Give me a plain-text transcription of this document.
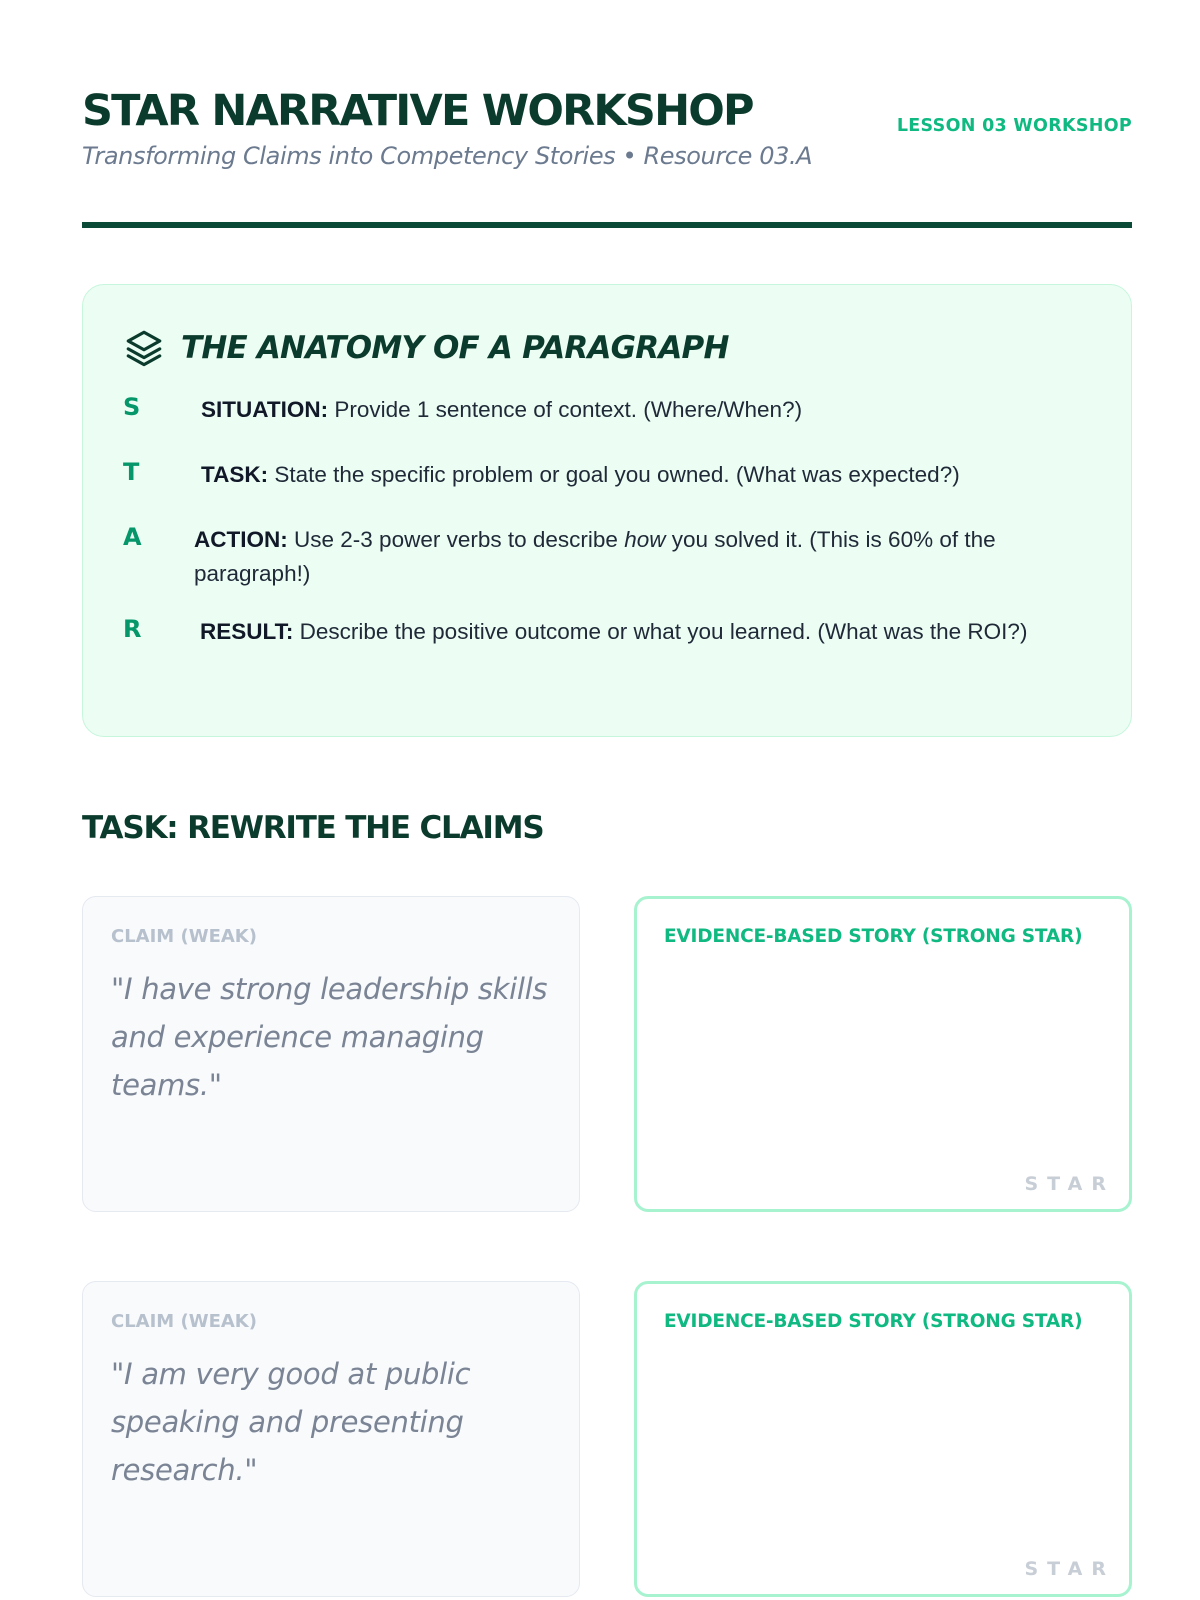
STAR NARRATIVE WORKSHOP
Transforming Claims into Competency Stories • Resource 03.A
LESSON 03 WORKSHOP
THE ANATOMY OF A PARAGRAPH
S	SITUATION: Provide 1 sentence of context. (Where/When?)
T	TASK: State the specific problem or goal you owned. (What was expected?)
A ACTION: Use 2-3 power verbs to describe how you solved it. (This is 60% of the paragraph!)
R	RESULT: Describe the positive outcome or what you learned. (What was the ROI?)
TASK: REWRITE THE CLAIMS
CLAIM (WEAK)
"I have strong leadership skills and experience managing teams."
EVIDENCE-BASED STORY (STRONG STAR)
STAR
CLAIM (WEAK)
"I am very good at public speaking and presenting research."
EVIDENCE-BASED STORY (STRONG STAR)
STAR
